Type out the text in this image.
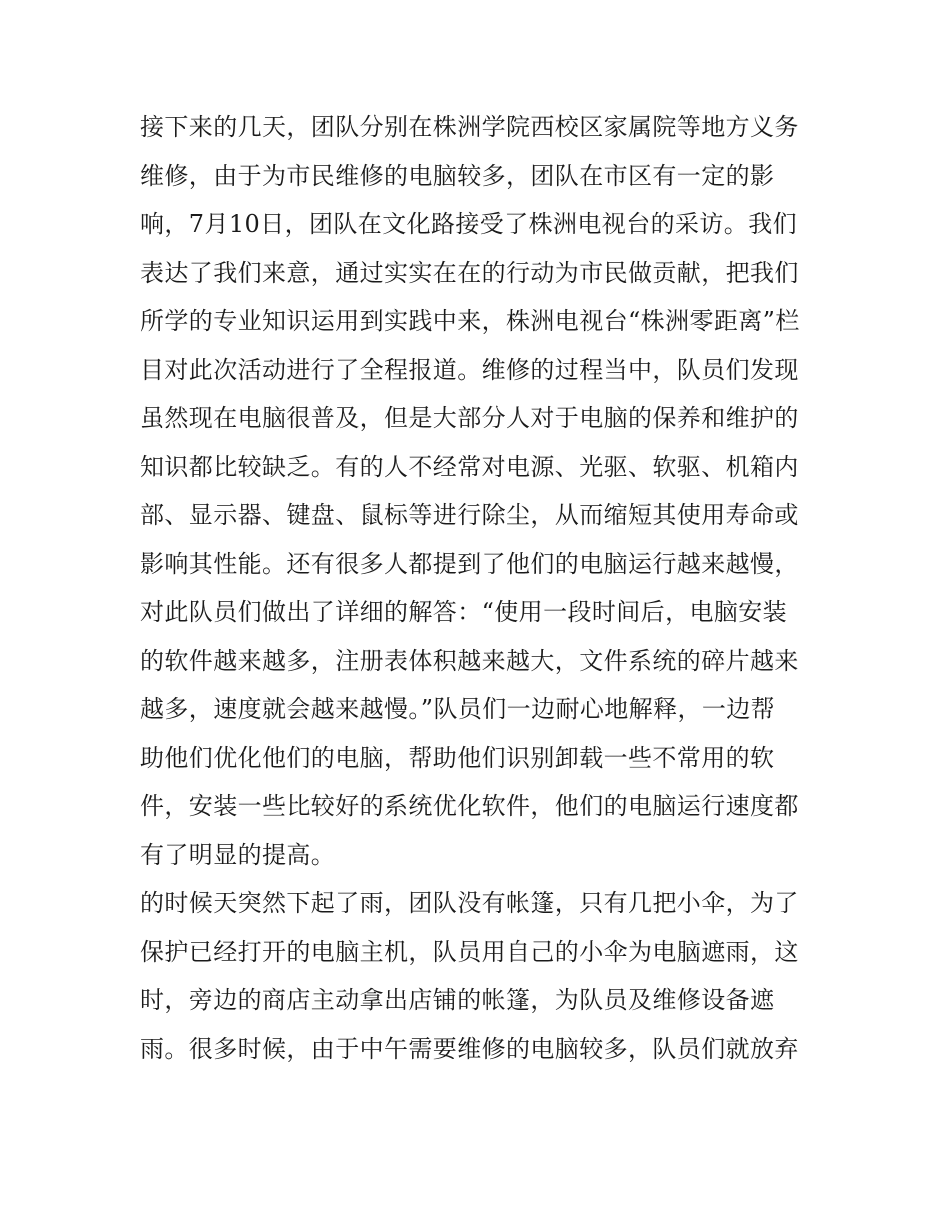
接下来的几天，团队分别在株洲学院西校区家属院等地方义务
维修，由于为市民维修的电脑较多，团队在市区有一定的影
响，7月10日，团队在文化路接受了株洲电视台的采访。我们
表达了我们来意，通过实实在在的行动为市民做贡献，把我们
所学的专业知识运用到实践中来，株洲电视台“株洲零距离”栏
目对此次活动进行了全程报道。维修的过程当中，队员们发现
虽然现在电脑很普及，但是大部分人对于电脑的保养和维护的
知识都比较缺乏。有的人不经常对电源、光驱、软驱、机箱内
部、显示器、键盘、鼠标等进行除尘，从而缩短其使用寿命或
影响其性能。还有很多人都提到了他们的电脑运行越来越慢，
对此队员们做出了详细的解答：“使用一段时间后，电脑安装
的软件越来越多，注册表体积越来越大，文件系统的碎片越来
越多，速度就会越来越慢。”队员们一边耐心地解释，一边帮
助他们优化他们的电脑，帮助他们识别卸载一些不常用的软
件，安装一些比较好的系统优化软件，他们的电脑运行速度都
有了明显的提高。
的时候天突然下起了雨，团队没有帐篷，只有几把小伞，为了
保护已经打开的电脑主机，队员用自己的小伞为电脑遮雨，这
时，旁边的商店主动拿出店铺的帐篷，为队员及维修设备遮
雨。很多时候，由于中午需要维修的电脑较多，队员们就放弃
